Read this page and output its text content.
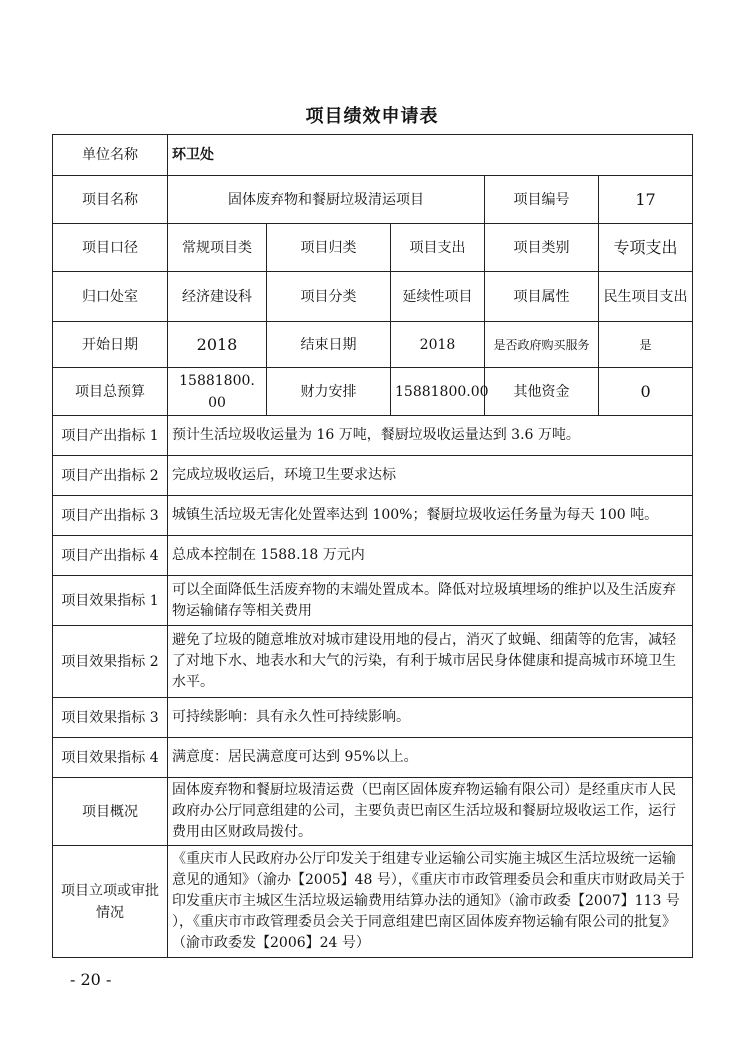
项目绩效申请表
单位名称	环卫处				
项目名称	固体废弃物和餐厨垃圾清运项目			项目编号	17
项目口径	常规项目类	项目归类	项目支出	项目类别	专项支出
归口处室	经济建设科	项目分类	延续性项目	项目属性	民生项目支出
开始日期	2018	结束日期	2018	是否政府购买服务	是
项目总预算	15881800. 00	财力安排	15881800.00	其他资金	0
项目产出指标 1	预计生活垃圾收运量为 16 万吨，餐厨垃圾收运量达到 3.6 万吨。				
项目产出指标 2	完成垃圾收运后，环境卫生要求达标				
项目产出指标 3	城镇生活垃圾无害化处置率达到 100%；餐厨垃圾收运任务量为每天 100 吨。				
项目产出指标 4	总成本控制在 1588.18 万元内				
项目效果指标 1	可以全面降低生活废弃物的末端处置成本。降低对垃圾填埋场的维护以及生活废弃物运输储存等相关费用				
项目效果指标 2	避免了垃圾的随意堆放对城市建设用地的侵占，消灭了蚊蝇、细菌等的危害，减轻了对地下水、地表水和大气的污染，有利于城市居民身体健康和提高城市环境卫生水平。				
项目效果指标 3	可持续影响：具有永久性可持续影响。				
项目效果指标 4	满意度：居民满意度可达到 95%以上。				
项目概况	固体废弃物和餐厨垃圾清运费（巴南区固体废弃物运输有限公司）是经重庆市人民政府办公厅同意组建的公司，主要负责巴南区生活垃圾和餐厨垃圾收运工作，运行费用由区财政局拨付。				
项目立项或审批情况	《重庆市人民政府办公厅印发关于组建专业运输公司实施主城区生活垃圾统一运输意见的通知》（渝办【2005】48 号），《重庆市市政管理委员会和重庆市财政局关于印发重庆市主城区生活垃圾运输费用结算办法的通知》（渝市政委【2007】113 号 ），《重庆市市政管理委员会关于同意组建巴南区固体废弃物运输有限公司的批复》（渝市政委发【2006】24 号）				
- 20 -
